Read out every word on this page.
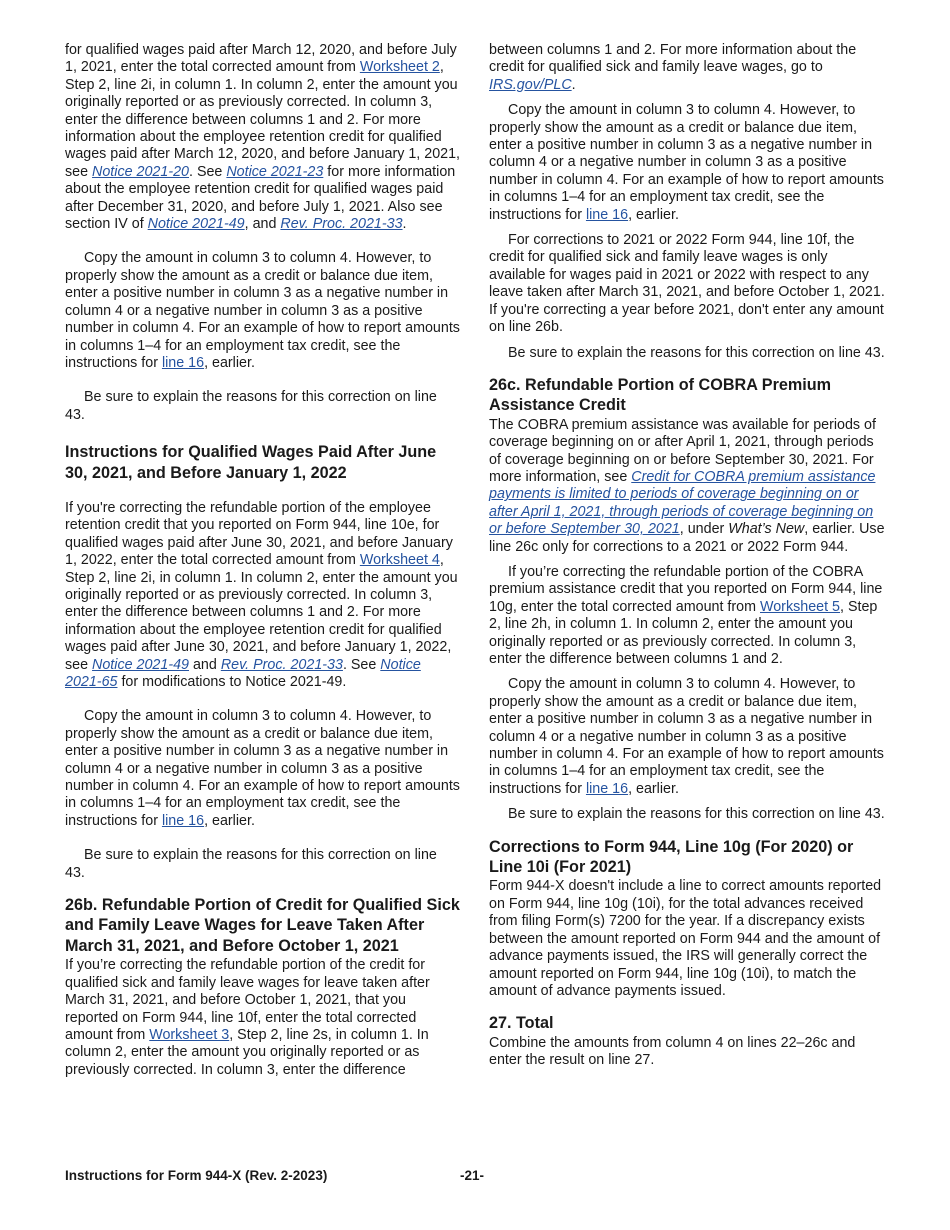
for qualified wages paid after March 12, 2020, and before July 1, 2021, enter the total corrected amount from Worksheet 2, Step 2, line 2i, in column 1. In column 2, enter the amount you originally reported or as previously corrected. In column 3, enter the difference between columns 1 and 2. For more information about the employee retention credit for qualified wages paid after March 12, 2020, and before January 1, 2021, see Notice 2021-20. See Notice 2021-23 for more information about the employee retention credit for qualified wages paid after December 31, 2020, and before July 1, 2021. Also see section IV of Notice 2021-49, and Rev. Proc. 2021-33.

Copy the amount in column 3 to column 4. However, to properly show the amount as a credit or balance due item, enter a positive number in column 3 as a negative number in column 4 or a negative number in column 3 as a positive number in column 4. For an example of how to report amounts in columns 1–4 for an employment tax credit, see the instructions for line 16, earlier.

Be sure to explain the reasons for this correction on line 43.

Instructions for Qualified Wages Paid After June 30, 2021, and Before January 1, 2022

If you're correcting the refundable portion of the employee retention credit that you reported on Form 944, line 10e, for qualified wages paid after June 30, 2021, and before January 1, 2022, enter the total corrected amount from Worksheet 4, Step 2, line 2i, in column 1. In column 2, enter the amount you originally reported or as previously corrected. In column 3, enter the difference between columns 1 and 2. For more information about the employee retention credit for qualified wages paid after June 30, 2021, and before January 1, 2022, see Notice 2021-49 and Rev. Proc. 2021-33. See Notice 2021-65 for modifications to Notice 2021-49.

Copy the amount in column 3 to column 4. However, to properly show the amount as a credit or balance due item, enter a positive number in column 3 as a negative number in column 4 or a negative number in column 3 as a positive number in column 4. For an example of how to report amounts in columns 1–4 for an employment tax credit, see the instructions for line 16, earlier.

Be sure to explain the reasons for this correction on line 43.

26b. Refundable Portion of Credit for Qualified Sick and Family Leave Wages for Leave Taken After March 31, 2021, and Before October 1, 2021

If you’re correcting the refundable portion of the credit for qualified sick and family leave wages for leave taken after March 31, 2021, and before October 1, 2021, that you reported on Form 944, line 10f, enter the total corrected amount from Worksheet 3, Step 2, line 2s, in column 1. In column 2, enter the amount you originally reported or as previously corrected. In column 3, enter the difference

between columns 1 and 2. For more information about the credit for qualified sick and family leave wages, go to IRS.gov/PLC.

Copy the amount in column 3 to column 4. However, to properly show the amount as a credit or balance due item, enter a positive number in column 3 as a negative number in column 4 or a negative number in column 3 as a positive number in column 4. For an example of how to report amounts in columns 1–4 for an employment tax credit, see the instructions for line 16, earlier.

For corrections to 2021 or 2022 Form 944, line 10f, the credit for qualified sick and family leave wages is only available for wages paid in 2021 or 2022 with respect to any leave taken after March 31, 2021, and before October 1, 2021. If you're correcting a year before 2021, don't enter any amount on line 26b.

Be sure to explain the reasons for this correction on line 43.

26c. Refundable Portion of COBRA Premium Assistance Credit

The COBRA premium assistance was available for periods of coverage beginning on or after April 1, 2021, through periods of coverage beginning on or before September 30, 2021. For more information, see Credit for COBRA premium assistance payments is limited to periods of coverage beginning on or after April 1, 2021, through periods of coverage beginning on or before September 30, 2021, under What’s New, earlier. Use line 26c only for corrections to a 2021 or 2022 Form 944.

If you’re correcting the refundable portion of the COBRA premium assistance credit that you reported on Form 944, line 10g, enter the total corrected amount from Worksheet 5, Step 2, line 2h, in column 1. In column 2, enter the amount you originally reported or as previously corrected. In column 3, enter the difference between columns 1 and 2.

Copy the amount in column 3 to column 4. However, to properly show the amount as a credit or balance due item, enter a positive number in column 3 as a negative number in column 4 or a negative number in column 3 as a positive number in column 4. For an example of how to report amounts in columns 1–4 for an employment tax credit, see the instructions for line 16, earlier.

Be sure to explain the reasons for this correction on line 43.

Corrections to Form 944, Line 10g (For 2020) or Line 10i (For 2021)

Form 944-X doesn't include a line to correct amounts reported on Form 944, line 10g (10i), for the total advances received from filing Form(s) 7200 for the year. If a discrepancy exists between the amount reported on Form 944 and the amount of advance payments issued, the IRS will generally correct the amount reported on Form 944, line 10g (10i), to match the amount of advance payments issued.

27. Total

Combine the amounts from column 4 on lines 22–26c and enter the result on line 27.

Instructions for Form 944-X (Rev. 2-2023)	-21-
